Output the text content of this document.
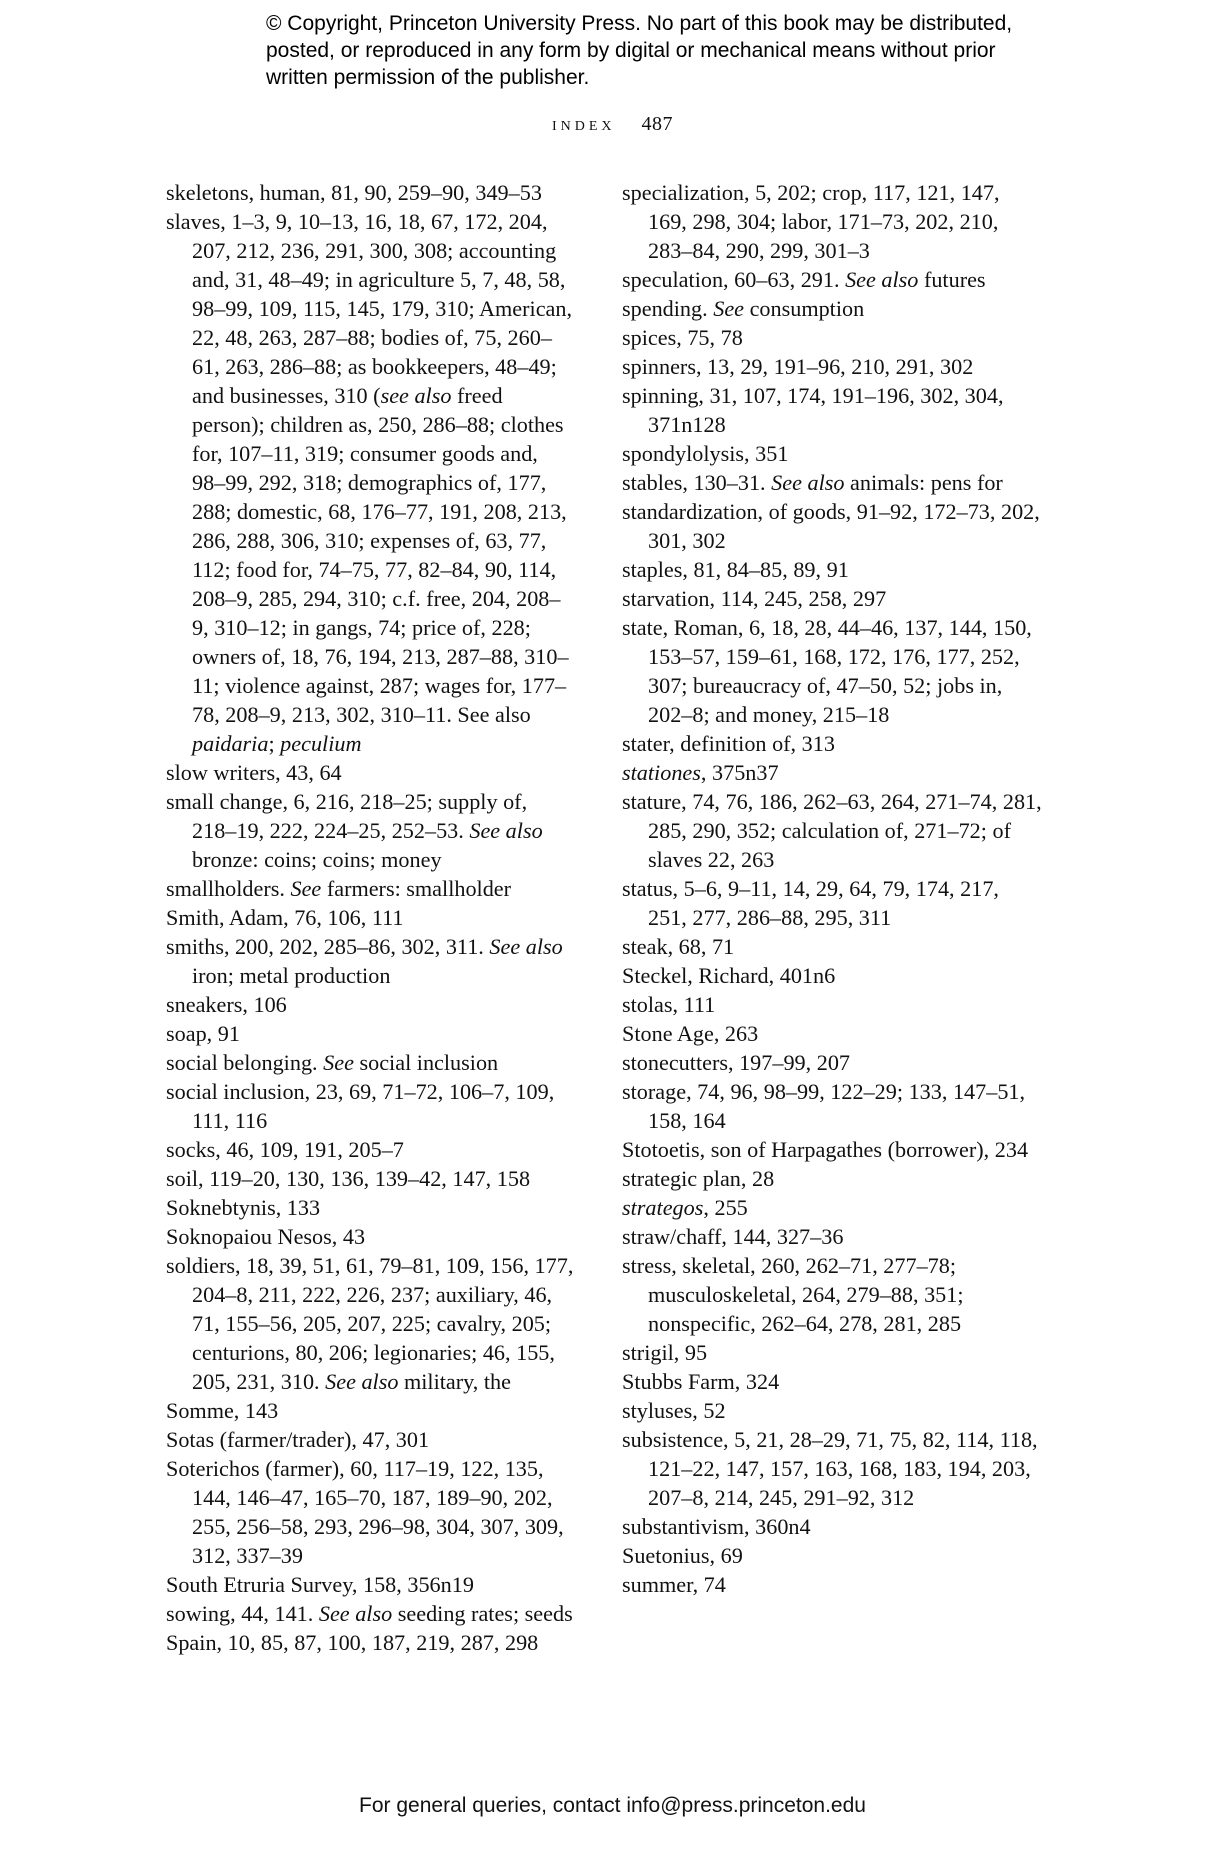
© Copyright, Princeton University Press. No part of this book may be distributed, posted, or reproduced in any form by digital or mechanical means without prior written permission of the publisher.
index 487

skeletons, human, 81, 90, 259–90, 349–53

slaves, 1–3, 9, 10–13, 16, 18, 67, 172, 204, 207, 212, 236, 291, 300, 308; accounting and, 31, 48–49; in agriculture 5, 7, 48, 58, 98–99, 109, 115, 145, 179, 310; American, 22, 48, 263, 287–88; bodies of, 75, 260–61, 263, 286–88; as bookkeepers, 48–49; and businesses, 310 (see also freed person); children as, 250, 286–88; clothes for, 107–11, 319; consumer goods and, 98–99, 292, 318; demographics of, 177, 288; domestic, 68, 176–77, 191, 208, 213, 286, 288, 306, 310; expenses of, 63, 77, 112; food for, 74–75, 77, 82–84, 90, 114, 208–9, 285, 294, 310; c.f. free, 204, 208–9, 310–12; in gangs, 74; price of, 228; owners of, 18, 76, 194, 213, 287–88, 310–11; violence against, 287; wages for, 177–78, 208–9, 213, 302, 310–11. See also paidaria; peculium

slow writers, 43, 64

small change, 6, 216, 218–25; supply of, 218–19, 222, 224–25, 252–53. See also bronze: coins; coins; money

smallholders. See farmers: smallholder

Smith, Adam, 76, 106, 111

smiths, 200, 202, 285–86, 302, 311. See also iron; metal production

sneakers, 106

soap, 91

social belonging. See social inclusion

social inclusion, 23, 69, 71–72, 106–7, 109, 111, 116

socks, 46, 109, 191, 205–7

soil, 119–20, 130, 136, 139–42, 147, 158

Soknebtynis, 133

Soknopaiou Nesos, 43

soldiers, 18, 39, 51, 61, 79–81, 109, 156, 177, 204–8, 211, 222, 226, 237; auxiliary, 46, 71, 155–56, 205, 207, 225; cavalry, 205; centurions, 80, 206; legionaries; 46, 155, 205, 231, 310. See also military, the

Somme, 143

Sotas (farmer/trader), 47, 301

Soterichos (farmer), 60, 117–19, 122, 135, 144, 146–47, 165–70, 187, 189–90, 202, 255, 256–58, 293, 296–98, 304, 307, 309, 312, 337–39

South Etruria Survey, 158, 356n19

sowing, 44, 141. See also seeding rates; seeds

Spain, 10, 85, 87, 100, 187, 219, 287, 298

specialization, 5, 202; crop, 117, 121, 147, 169, 298, 304; labor, 171–73, 202, 210, 283–84, 290, 299, 301–3

speculation, 60–63, 291. See also futures

spending. See consumption

spices, 75, 78

spinners, 13, 29, 191–96, 210, 291, 302

spinning, 31, 107, 174, 191–196, 302, 304, 371n128

spondylolysis, 351

stables, 130–31. See also animals: pens for

standardization, of goods, 91–92, 172–73, 202, 301, 302

staples, 81, 84–85, 89, 91

starvation, 114, 245, 258, 297

state, Roman, 6, 18, 28, 44–46, 137, 144, 150, 153–57, 159–61, 168, 172, 176, 177, 252, 307; bureaucracy of, 47–50, 52; jobs in, 202–8; and money, 215–18

stater, definition of, 313

stationes, 375n37

stature, 74, 76, 186, 262–63, 264, 271–74, 281, 285, 290, 352; calculation of, 271–72; of slaves 22, 263

status, 5–6, 9–11, 14, 29, 64, 79, 174, 217, 251, 277, 286–88, 295, 311

steak, 68, 71

Steckel, Richard, 401n6

stolas, 111

Stone Age, 263

stonecutters, 197–99, 207

storage, 74, 96, 98–99, 122–29; 133, 147–51, 158, 164

Stotoetis, son of Harpagathes (borrower), 234

strategic plan, 28

strategos, 255

straw/chaff, 144, 327–36

stress, skeletal, 260, 262–71, 277–78; musculoskeletal, 264, 279–88, 351; nonspecific, 262–64, 278, 281, 285

strigil, 95

Stubbs Farm, 324

styluses, 52

subsistence, 5, 21, 28–29, 71, 75, 82, 114, 118, 121–22, 147, 157, 163, 168, 183, 194, 203, 207–8, 214, 245, 291–92, 312

substantivism, 360n4

Suetonius, 69

summer, 74

For general queries, contact info@press.princeton.edu
